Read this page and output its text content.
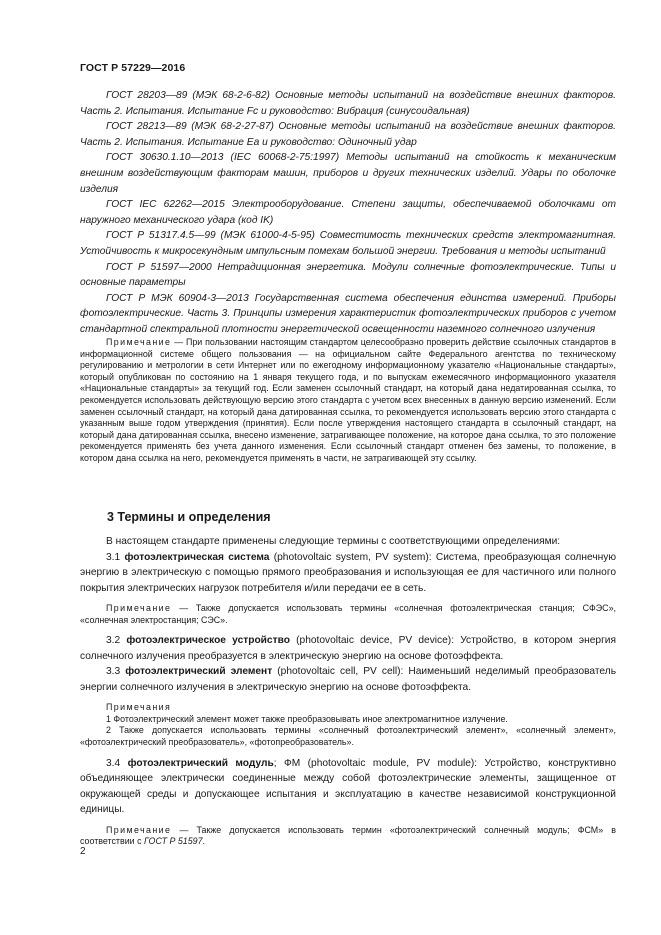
ГОСТ Р 57229—2016

ГОСТ 28203—89 (МЭК 68-2-6-82) Основные методы испытаний на воздействие внешних факторов. Часть 2. Испытания. Испытание Fc и руководство: Вибрация (синусоидальная)

ГОСТ 28213—89 (МЭК 68-2-27-87) Основные методы испытаний на воздействие внешних факторов. Часть 2. Испытания. Испытание Ea и руководство: Одиночный удар

ГОСТ 30630.1.10—2013 (IEC 60068-2-75:1997) Методы испытаний на стойкость к механическим внешним воздействующим факторам машин, приборов и других технических изделий. Удары по оболочке изделия

ГОСТ IEC 62262—2015 Электрооборудование. Степени защиты, обеспечиваемой оболочками от наружного механического удара (код IK)

ГОСТ Р 51317.4.5—99 (МЭК 61000-4-5-95) Совместимость технических средств электромагнитная. Устойчивость к микросекундным импульсным помехам большой энергии. Требования и методы испытаний

ГОСТ Р 51597—2000 Нетрадиционная энергетика. Модули солнечные фотоэлектрические. Типы и основные параметры

ГОСТ Р МЭК 60904-3—2013 Государственная система обеспечения единства измерений. Приборы фотоэлектрические. Часть 3. Принципы измерения характеристик фотоэлектрических приборов с учетом стандартной спектральной плотности энергетической освещенности наземного солнечного излучения

Примечание — При пользовании настоящим стандартом целесообразно проверить действие ссылочных стандартов в информационной системе общего пользования — на официальном сайте Федерального агентства по техническому регулированию и метрологии в сети Интернет или по ежегодному информационному указателю «Национальные стандарты», который опубликован по состоянию на 1 января текущего года, и по выпускам ежемесячного информационного указателя «Национальные стандарты» за текущий год. Если заменен ссылочный стандарт, на который дана недатированная ссылка, то рекомендуется использовать действующую версию этого стандарта с учетом всех внесенных в данную версию изменений. Если заменен ссылочный стандарт, на который дана датированная ссылка, то рекомендуется использовать версию этого стандарта с указанным выше годом утверждения (принятия). Если после утверждения настоящего стандарта в ссылочный стандарт, на который дана датированная ссылка, внесено изменение, затрагивающее положение, на которое дана ссылка, то это положение рекомендуется применять без учета данного изменения. Если ссылочный стандарт отменен без замены, то положение, в котором дана ссылка на него, рекомендуется применять в части, не затрагивающей эту ссылку.

3 Термины и определения

В настоящем стандарте применены следующие термины с соответствующими определениями:

3.1 фотоэлектрическая система (photovoltaic system, PV system): Система, преобразующая солнечную энергию в электрическую с помощью прямого преобразования и использующая ее для частичного или полного покрытия электрических нагрузок потребителя и/или передачи ее в сеть.

Примечание — Также допускается использовать термины «солнечная фотоэлектрическая станция; СФЭС», «солнечная электростанция; СЭС».

3.2 фотоэлектрическое устройство (photovoltaic device, PV device): Устройство, в котором энергия солнечного излучения преобразуется в электрическую энергию на основе фотоэффекта.

3.3 фотоэлектрический элемент (photovoltaic cell, PV cell): Наименьший неделимый преобразователь энергии солнечного излучения в электрическую энергию на основе фотоэффекта.

Примечания

1 Фотоэлектрический элемент может также преобразовывать иное электромагнитное излучение.

2 Также допускается использовать термины «солнечный фотоэлектрический элемент», «солнечный элемент», «фотоэлектрический преобразователь», «фотопреобразователь».

3.4 фотоэлектрический модуль; ФМ (photovoltaic module, PV module): Устройство, конструктивно объединяющее электрически соединенные между собой фотоэлектрические элементы, защищенное от окружающей среды и допускающее испытания и эксплуатацию в качестве независимой конструкционной единицы.

Примечание — Также допускается использовать термин «фотоэлектрический солнечный модуль; ФСМ» в соответствии с ГОСТ Р 51597.

2
